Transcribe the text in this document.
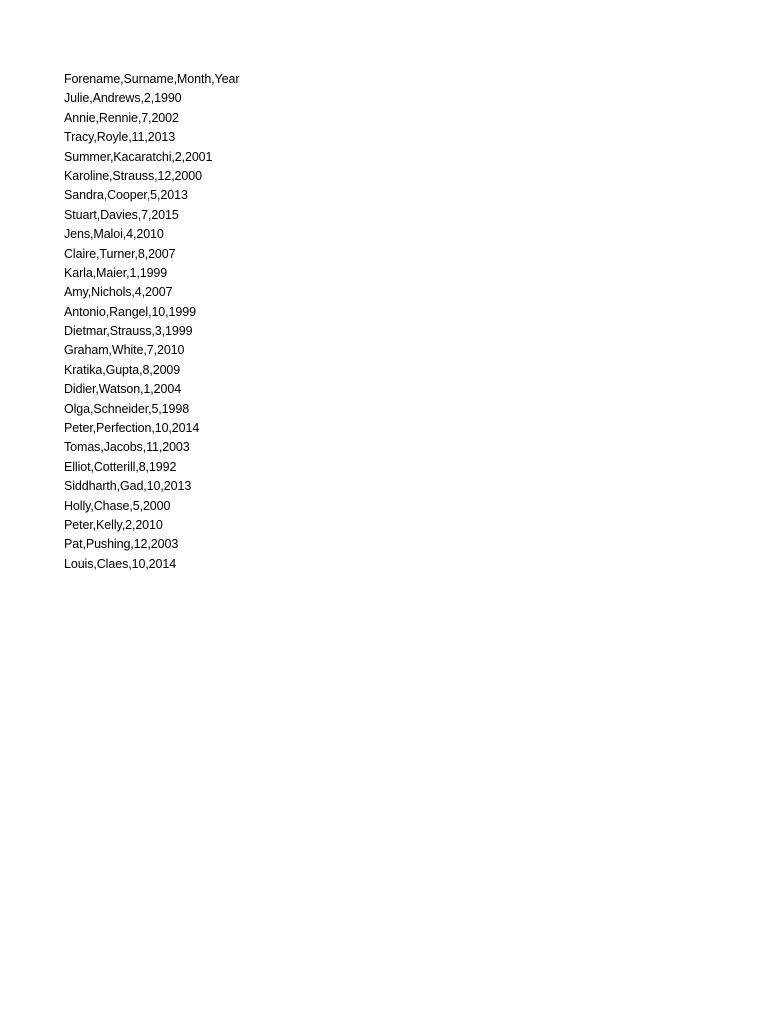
Forename,Surname,Month,Year
Julie,Andrews,2,1990
Annie,Rennie,7,2002
Tracy,Royle,11,2013
Summer,Kacaratchi,2,2001
Karoline,Strauss,12,2000
Sandra,Cooper,5,2013
Stuart,Davies,7,2015
Jens,Maloi,4,2010
Claire,Turner,8,2007
Karla,Maier,1,1999
Amy,Nichols,4,2007
Antonio,Rangel,10,1999
Dietmar,Strauss,3,1999
Graham,White,7,2010
Kratika,Gupta,8,2009
Didier,Watson,1,2004
Olga,Schneider,5,1998
Peter,Perfection,10,2014
Tomas,Jacobs,11,2003
Elliot,Cotterill,8,1992
Siddharth,Gad,10,2013
Holly,Chase,5,2000
Peter,Kelly,2,2010
Pat,Pushing,12,2003
Louis,Claes,10,2014
